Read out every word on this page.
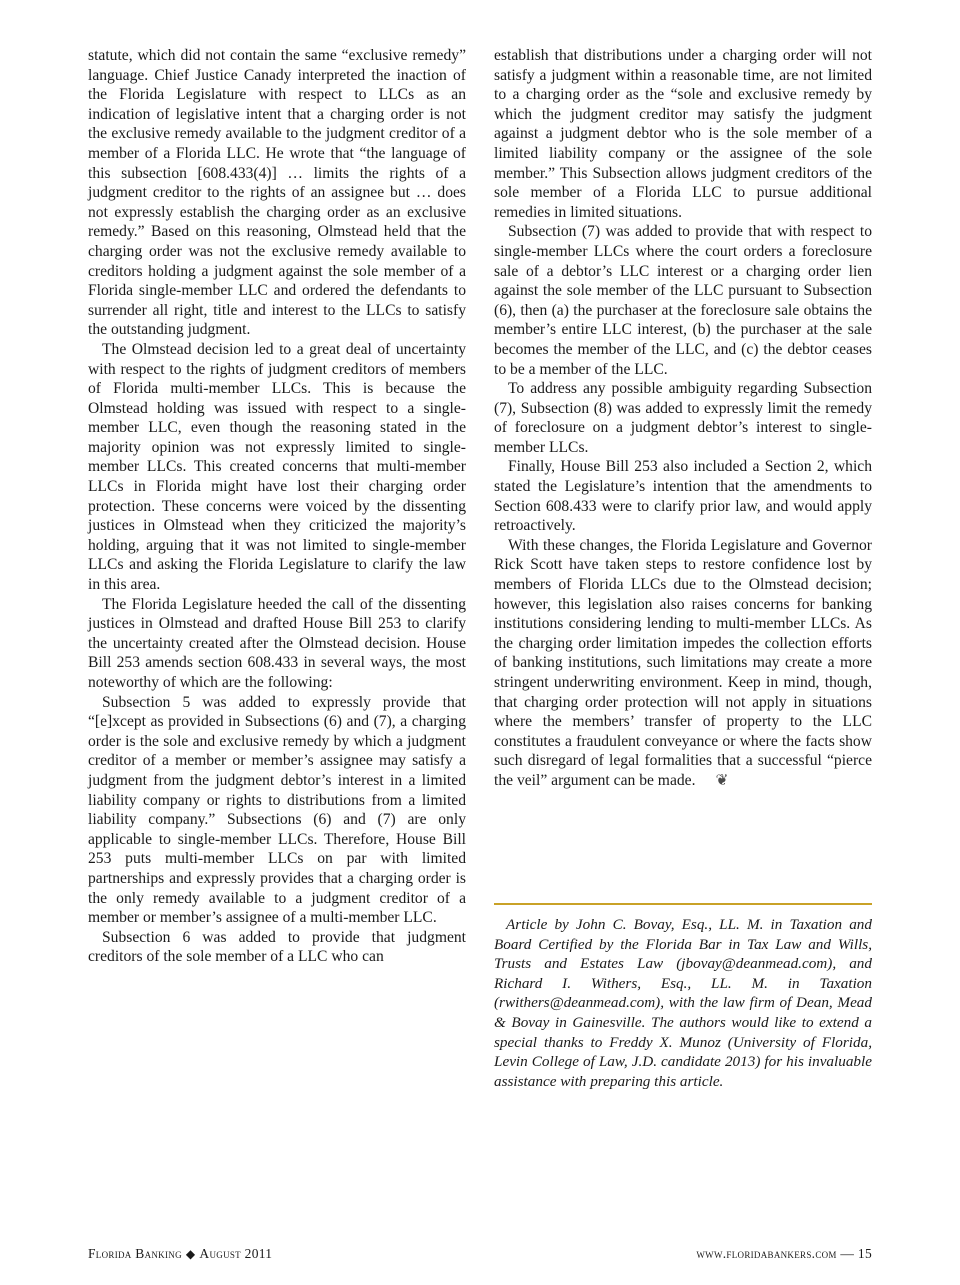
statute, which did not contain the same “exclusive remedy” language. Chief Justice Canady interpreted the inaction of the Florida Legislature with respect to LLCs as an indication of legislative intent that a charging order is not the exclusive remedy available to the judgment creditor of a member of a Florida LLC. He wrote that “the language of this subsection [608.433(4)] … limits the rights of a judgment creditor to the rights of an assignee but … does not expressly establish the charging order as an exclusive remedy.” Based on this reasoning, Olmstead held that the charging order was not the exclusive remedy available to creditors holding a judgment against the sole member of a Florida single-member LLC and ordered the defendants to surrender all right, title and interest to the LLCs to satisfy the outstanding judgment.

The Olmstead decision led to a great deal of uncertainty with respect to the rights of judgment creditors of members of Florida multi-member LLCs. This is because the Olmstead holding was issued with respect to a single-member LLC, even though the reasoning stated in the majority opinion was not expressly limited to single-member LLCs. This created concerns that multi-member LLCs in Florida might have lost their charging order protection. These concerns were voiced by the dissenting justices in Olmstead when they criticized the majority’s holding, arguing that it was not limited to single-member LLCs and asking the Florida Legislature to clarify the law in this area.

The Florida Legislature heeded the call of the dissenting justices in Olmstead and drafted House Bill 253 to clarify the uncertainty created after the Olmstead decision. House Bill 253 amends section 608.433 in several ways, the most noteworthy of which are the following:

Subsection 5 was added to expressly provide that “[e]xcept as provided in Subsections (6) and (7), a charging order is the sole and exclusive remedy by which a judgment creditor of a member or member’s assignee may satisfy a judgment from the judgment debtor’s interest in a limited liability company or rights to distributions from a limited liability company.” Subsections (6) and (7) are only applicable to single-member LLCs. Therefore, House Bill 253 puts multi-member LLCs on par with limited partnerships and expressly provides that a charging order is the only remedy available to a judgment creditor of a member or member’s assignee of a multi-member LLC.

Subsection 6 was added to provide that judgment creditors of the sole member of a LLC who can

establish that distributions under a charging order will not satisfy a judgment within a reasonable time, are not limited to a charging order as the “sole and exclusive remedy by which the judgment creditor may satisfy the judgment against a judgment debtor who is the sole member of a limited liability company or the assignee of the sole member.” This Subsection allows judgment creditors of the sole member of a Florida LLC to pursue additional remedies in limited situations.

Subsection (7) was added to provide that with respect to single-member LLCs where the court orders a foreclosure sale of a debtor’s LLC interest or a charging order lien against the sole member of the LLC pursuant to Subsection (6), then (a) the purchaser at the foreclosure sale obtains the member’s entire LLC interest, (b) the purchaser at the sale becomes the member of the LLC, and (c) the debtor ceases to be a member of the LLC.

To address any possible ambiguity regarding Subsection (7), Subsection (8) was added to expressly limit the remedy of foreclosure on a judgment debtor’s interest to single-member LLCs.

Finally, House Bill 253 also included a Section 2, which stated the Legislature’s intention that the amendments to Section 608.433 were to clarify prior law, and would apply retroactively.

With these changes, the Florida Legislature and Governor Rick Scott have taken steps to restore confidence lost by members of Florida LLCs due to the Olmstead decision; however, this legislation also raises concerns for banking institutions considering lending to multi-member LLCs. As the charging order limitation impedes the collection efforts of banking institutions, such limitations may create a more stringent underwriting environment. Keep in mind, though, that charging order protection will not apply in situations where the members’ transfer of property to the LLC constitutes a fraudulent conveyance or where the facts show such disregard of legal formalities that a successful “pierce the veil” argument can be made. ❦

Article by John C. Bovay, Esq., LL. M. in Taxation and Board Certified by the Florida Bar in Tax Law and Wills, Trusts and Estates Law (jbovay@deanmead.com), and Richard I. Withers, Esq., LL. M. in Taxation (rwithers@deanmead.com), with the law firm of Dean, Mead & Bovay in Gainesville. The authors would like to extend a special thanks to Freddy X. Munoz (University of Florida, Levin College of Law, J.D. candidate 2013) for his invaluable assistance with preparing this article.

Florida Banking ◆ August 2011	www.floridabankers.com — 15
